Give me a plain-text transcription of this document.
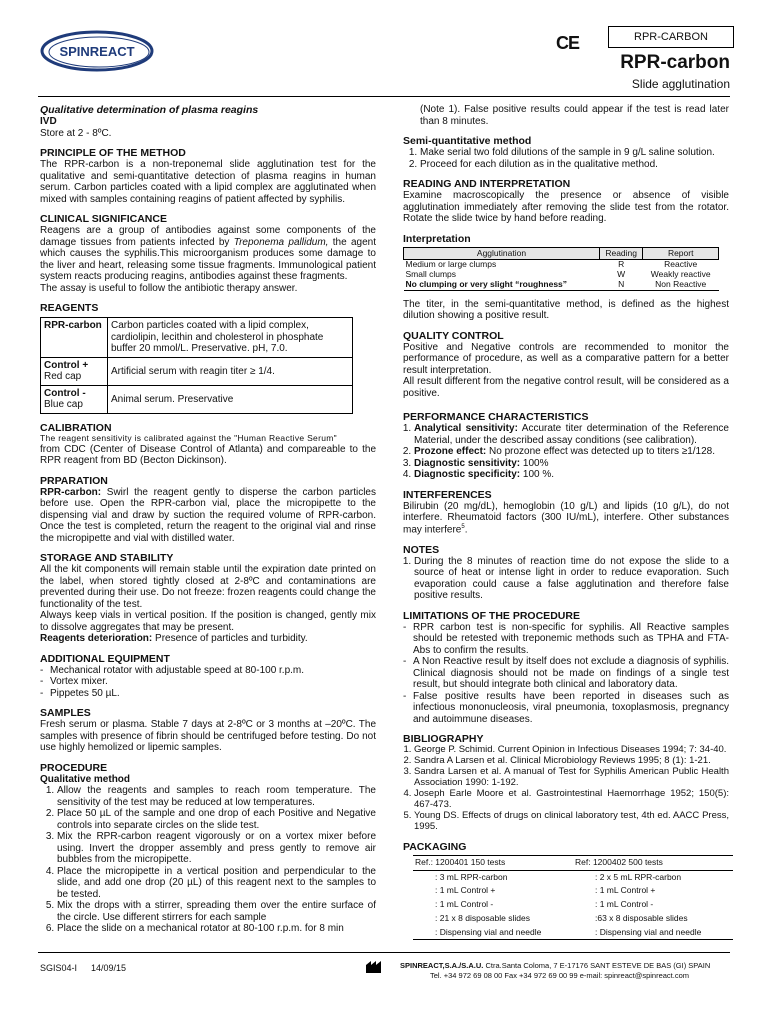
SPINREACT	CE	RPR-CARBON
RPR-carbon
Slide agglutination
Qualitative determination of plasma reagins
IVD

Store at 2 - 8ºC.

PRINCIPLE OF THE METHOD

The RPR-carbon is a non-treponemal slide agglutination test for the qualitative and semi-quantitative detection of plasma reagins in human serum. Carbon particles coated with a lipid complex are agglutinated when mixed with samples containing reagins of patient affected by syphilis.

CLINICAL SIGNIFICANCE

Reagens are a group of antibodies against some components of the damage tissues from patients infected by Treponema pallidum, the agent which causes the syphilis.This microorganism produces some damage to the liver and heart, releasing some tissue fragments. Immunological patient system reacts producing reagins, antibodies against these fragments.

The assay is useful to follow the antibiotic therapy answer.

REAGENTS
RPR-carbon	Carbon particles coated with a lipid complex, cardiolipin, lecithin and cholesterol in phosphate buffer 20 mmol/L. Preservative. pH, 7.0.

Control +
Red cap	Artificial serum with reagin titer ≥ 1/4.

Control -
Blue cap	Animal serum. Preservative
CALIBRATION

The reagent sensitivity is calibrated against the "Human Reactive Serum"

from CDC (Center of Disease Control of Atlanta) and compareable to the RPR reagent from BD (Becton Dickinson).

PRPARATION

RPR-carbon: Swirl the reagent gently to disperse the carbon particles before use. Open the RPR-carbon vial, place the micropipette to the dispensing vial and draw by suction the required volume of RPR-carbon. Once the test is completed, return the reagent to the original vial and rinse the micropipette and vial with distilled water.

STORAGE AND STABILITY

All the kit components will remain stable until the expiration date printed on the label, when stored tightly closed at 2-8ºC and contaminations are prevented during their use. Do not freeze: frozen reagents could change the functionality of the test.

Always keep vials in vertical position. If the position is changed, gently mix to dissolve aggregates that may be present.

Reagents deterioration: Presence of particles and turbidity.

ADDITIONAL EQUIPMENT
- Mechanical rotator with adjustable speed at 80-100 r.p.m.
- Vortex mixer.
- Pippetes 50 µL.
SAMPLES

Fresh serum or plasma. Stable 7 days at 2-8ºC or 3 months at –20ºC. The samples with presence of fibrin should be centrifuged before testing. Do not use highly hemolized or lipemic samples.

PROCEDURE
Qualitative method
1. Allow the reagents and samples to reach room temperature. The sensitivity of the test may be reduced at low temperatures.
2. Place 50 µL of the sample and one drop of each Positive and Negative controls into separate circles on the slide test.
3. Mix the RPR-carbon reagent vigorously or on a vortex mixer before using. Invert the dropper assembly and press gently to remove air bubbles from the micropipette.
4. Place the micropipette in a vertical position and perpendicular to the slide, and add one drop (20 µL) of this reagent next to the samples to be tested.
5. Mix the drops with a stirrer, spreading them over the entire surface of the circle. Use different stirrers for each sample
6. Place the slide on a mechanical rotator at 80-100 r.p.m. for 8 min

(Note 1). False positive results could appear if the test is read later than 8 minutes.

Semi-quantitative method
1. Make serial two fold dilutions of the sample in 9 g/L saline solution.
2. Proceed for each dilution as in the qualitative method.
READING AND INTERPRETATION

Examine macroscopically the presence or absence of visible agglutination immediately after removing the slide test from the rotator. Rotate the slide twice by hand before reading.

Interpretation
Agglutination	Reading	Report
Medium or large clumps	R	Reactive
Small clumps	W	Weakly reactive
No clumping or very slight “roughness”	N	Non Reactive

The titer, in the semi-quantitative method, is defined as the highest dilution showing a positive result.

QUALITY CONTROL

Positive and Negative controls are recommended to monitor the performance of procedure, as well as a comparative pattern for a better result interpretation.

All result different from the negative control result, will be considered as a positive.

PERFORMANCE CHARACTERISTICS
1. Analytical sensitivity: Accurate titer determination of the Reference Material, under the described assay conditions (see calibration).
2. Prozone effect: No prozone effect was detected up to titers ≥1/128.
3. Diagnostic sensitivity: 100%
4. Diagnostic specificity: 100 %.
INTERFERENCES

Bilirubin (20 mg/dL), hemoglobin (10 g/L) and lipids (10 g/L), do not interfere. Rheumatoid factors (300 IU/mL), interfere. Other substances may interfere$^5$.

NOTES
1. During the 8 minutes of reaction time do not expose the slide to a source of heat or intense light in order to reduce evaporation. Such evaporation could cause a false agglutination and therefore false positive results.
LIMITATIONS OF THE PROCEDURE
- RPR carbon test is non-specific for syphilis. All Reactive samples should be retested with treponemic methods such as TPHA and FTA-Abs to confirm the results.
- A Non Reactive result by itself does not exclude a diagnosis of syphilis. Clinical diagnosis should not be made on findings of a single test result, but should integrate both clinical and laboratory data.
- False positive results have been reported in diseases such as infectious mononucleosis, viral pneumonia, toxoplasmosis, pregnancy and autoimmune diseases.
BIBLIOGRAPHY
1. George P. Schimid. Current Opinion in Infectious Diseases 1994; 7: 34-40.
2. Sandra A Larsen et al. Clinical Microbiology Reviews 1995; 8 (1): 1-21.
3. Sandra Larsen et al. A manual of Test for Syphilis American Public Health Association 1990: 1-192.
4. Joseph Earle Moore et al. Gastrointestinal Haemorrhage 1952; 150(5): 467-473.
5. Young DS. Effects of drugs on clinical laboratory test, 4th ed. AACC Press, 1995.
PACKAGING
Ref.: 1200401 150 tests	Ref: 1200402 500 tests
: 3 mL RPR-carbon	: 2 x 5 mL RPR-carbon
: 1 mL Control +	: 1 mL Control +
: 1 mL Control -	: 1 mL Control -
: 21 x 8 disposable slides	:63 x 8 disposable slides
: Dispensing vial and needle	: Dispensing vial and needle
SGIS04-I 14/09/15	SPINREACT,S.A./S.A.U. Ctra.Santa Coloma, 7 E-17176 SANT ESTEVE DE BAS (GI) SPAIN
Tel. +34 972 69 08 00 Fax +34 972 69 00 99 e-mail: spinreact@spinreact.com
